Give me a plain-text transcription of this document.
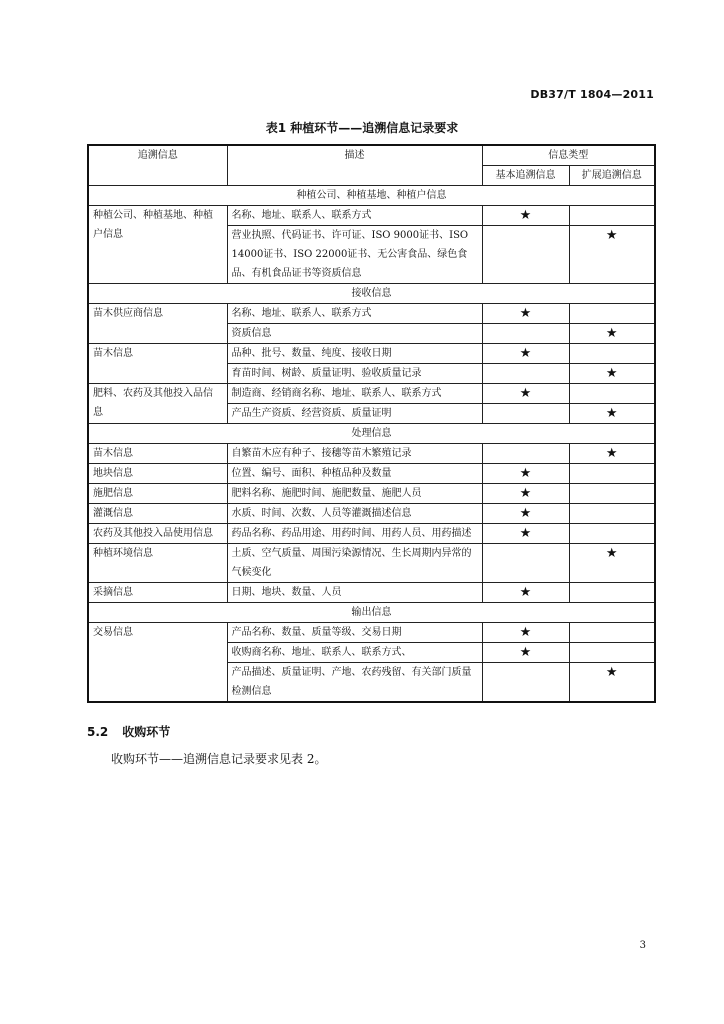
DB37/T 1804—2011
表1 种植环节——追溯信息记录要求
追溯信息	描述	信息类型	
		基本追溯信息	扩展追溯信息
种植公司、种植基地、种植户信息			
种植公司、种植基地、种植户信息	名称、地址、联系人、联系方式	★	
	营业执照、代码证书、许可证、ISO 9000证书、ISO 14000证书、ISO 22000证书、无公害食品、绿色食品、有机食品证书等资质信息		★
接收信息			
苗木供应商信息	名称、地址、联系人、联系方式	★	
	资质信息		★
苗木信息	品种、批号、数量、纯度、接收日期	★	
	育苗时间、树龄、质量证明、验收质量记录		★
肥料、农药及其他投入品信息	制造商、经销商名称、地址、联系人、联系方式	★	
	产品生产资质、经营资质、质量证明		★
处理信息			
苗木信息	自繁苗木应有种子、接穗等苗木繁殖记录		★
地块信息	位置、编号、面积、种植品种及数量	★	
施肥信息	肥料名称、施肥时间、施肥数量、施肥人员	★	
灌溉信息	水质、时间、次数、人员等灌溉描述信息	★	
农药及其他投入品使用信息	药品名称、药品用途、用药时间、用药人员、用药描述	★	
种植环境信息	土质、空气质量、周围污染源情况、生长周期内异常的气候变化		★
采摘信息	日期、地块、数量、人员	★	
输出信息			
交易信息	产品名称、数量、质量等级、交易日期	★	
	收购商名称、地址、联系人、联系方式、	★	
	产品描述、质量证明、产地、农药残留、有关部门质量检测信息		★
5.2 收购环节
收购环节——追溯信息记录要求见表 2。
3
